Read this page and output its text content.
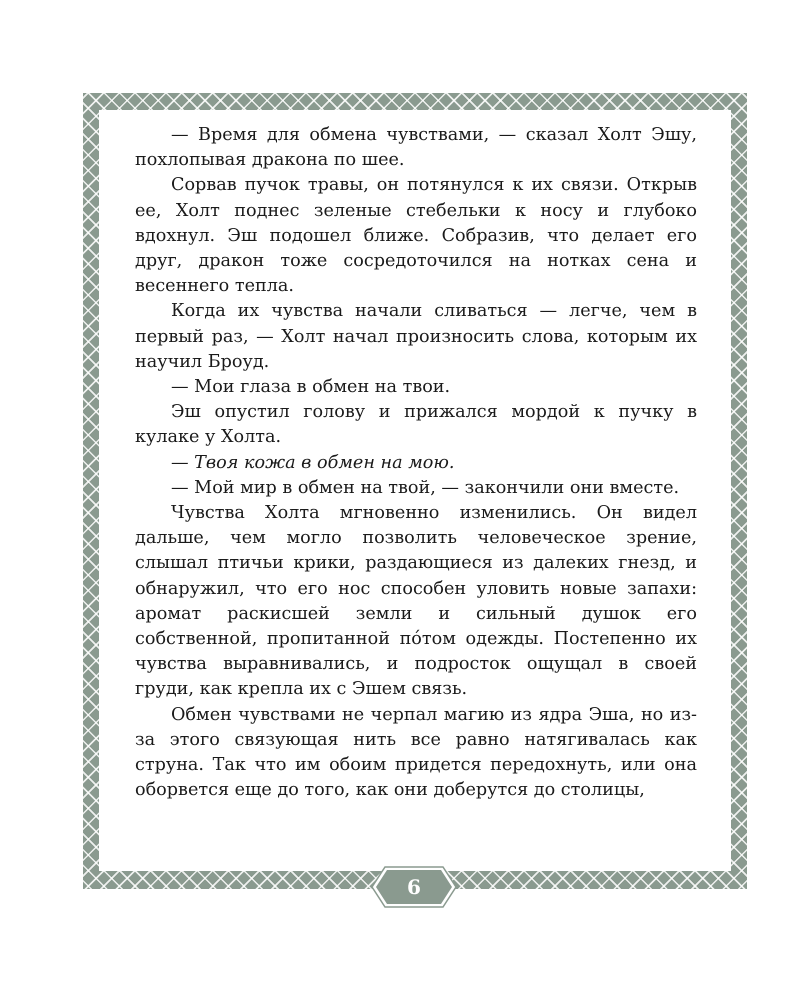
— Время для обмена чувствами, — сказал Холт Эшу, похлопывая дракона по шее.

Сорвав пучок травы, он потянулся к их связи. Открыв ее, Холт поднес зеленые стебельки к носу и глубоко вдохнул. Эш подошел ближе. Собразив, что делает его друг, дракон тоже сосредоточился на нотках сена и весеннего тепла.

Когда их чувства начали сливаться — легче, чем в первый раз, — Холт начал произносить слова, которым их научил Броуд.

— Мои глаза в обмен на твои.

Эш опустил голову и прижался мордой к пучку в кулаке у Холта.

— Твоя кожа в обмен на мою.

— Мой мир в обмен на твой, — закончили они вместе.

Чувства Холта мгновенно изменились. Он видел дальше, чем могло позволить человеческое зрение, слышал птичьи крики, раздающиеся из далеких гнезд, и обнаружил, что его нос способен уловить новые запахи: аромат раскисшей земли и сильный душок его собственной, пропитанной пóтом одежды. Постепенно их чувства выравнивались, и подросток ощущал в своей груди, как крепла их с Эшем связь.

Обмен чувствами не черпал магию из ядра Эша, но из-за этого связующая нить все равно натягивалась как струна. Так что им обоим придется передохнуть, или она оборвется еще до того, как они доберутся до столицы,

6
